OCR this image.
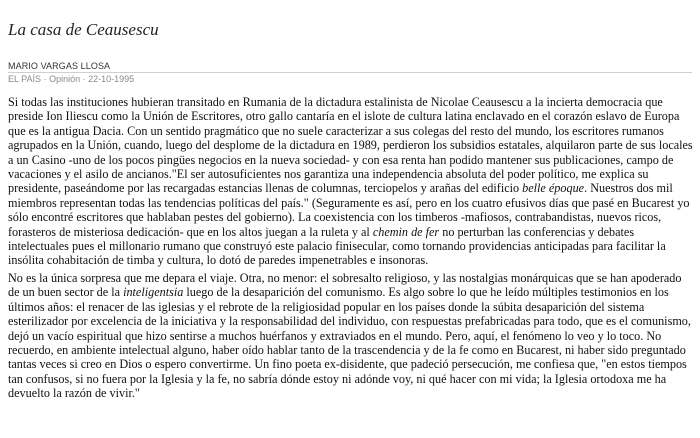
La casa de Ceausescu
MARIO VARGAS LLOSA
EL PAÍS · Opinión · 22-10-1995

Si todas las instituciones hubieran transitado en Rumania de la dictadura estalinista de Nicolae Ceausescu a la incierta democracia que preside Ion Iliescu como la Unión de Escritores, otro gallo cantaría en el islote de cultura latina enclavado en el corazón eslavo de Europa que es la antigua Dacia. Con un sentido pragmático que no suele caracterizar a sus colegas del resto del mundo, los escritores rumanos agrupados en la Unión, cuando, luego del desplome de la dictadura en 1989, perdieron los subsidios estatales, alquilaron parte de sus locales a un Casino -uno de los pocos pingües negocios en la nueva sociedad- y con esa renta han podido mantener sus publicaciones, campo de vacaciones y el asilo de ancianos."El ser autosuficientes nos garantiza una independencia absoluta del poder político, me explica su presidente, paseándome por las recargadas estancias llenas de columnas, terciopelos y arañas del edificio belle époque. Nuestros dos mil miembros representan todas las tendencias políticas del país." (Seguramente es así, pero en los cuatro efusivos días que pasé en Bucarest yo sólo encontré escritores que hablaban pestes del gobierno). La coexistencia con los timberos -mafiosos, contrabandistas, nuevos ricos, forasteros de misteriosa dedicación- que en los altos juegan a la ruleta y al chemin de fer no perturban las conferencias y debates intelectuales pues el millonario rumano que construyó este palacio finisecular, como tornando providencias anticipadas para facilitar la insólita cohabitación de timba y cultura, lo dotó de paredes impenetrables e insonoras.

No es la única sorpresa que me depara el viaje. Otra, no menor: el sobresalto religioso, y las nostalgias monárquicas que se han apoderado de un buen sector de la inteligentsia luego de la desaparición del comunismo. Es algo sobre lo que he leído múltiples testimonios en los últimos años: el renacer de las iglesias y el rebrote de la religiosidad popular en los países donde la súbita desaparición del sistema esterilizador por excelencia de la iniciativa y la responsabilidad del individuo, con respuestas prefabricadas para todo, que es el comunismo, dejó un vacío espiritual que hizo sentirse a muchos huérfanos y extraviados en el mundo. Pero, aquí, el fenómeno lo veo y lo toco. No recuerdo, en ambiente intelectual alguno, haber oído hablar tanto de la trascendencia y de la fe como en Bucarest, ni haber sido preguntado tantas veces si creo en Dios o espero convertirme. Un fino poeta ex-disidente, que padeció persecución, me confiesa que, "en estos tiempos tan confusos, si no fuera por la Iglesia y la fe, no sabría dónde estoy ni adónde voy, ni qué hacer con mi vida; la Iglesia ortodoxa me ha devuelto la razón de vivir."
